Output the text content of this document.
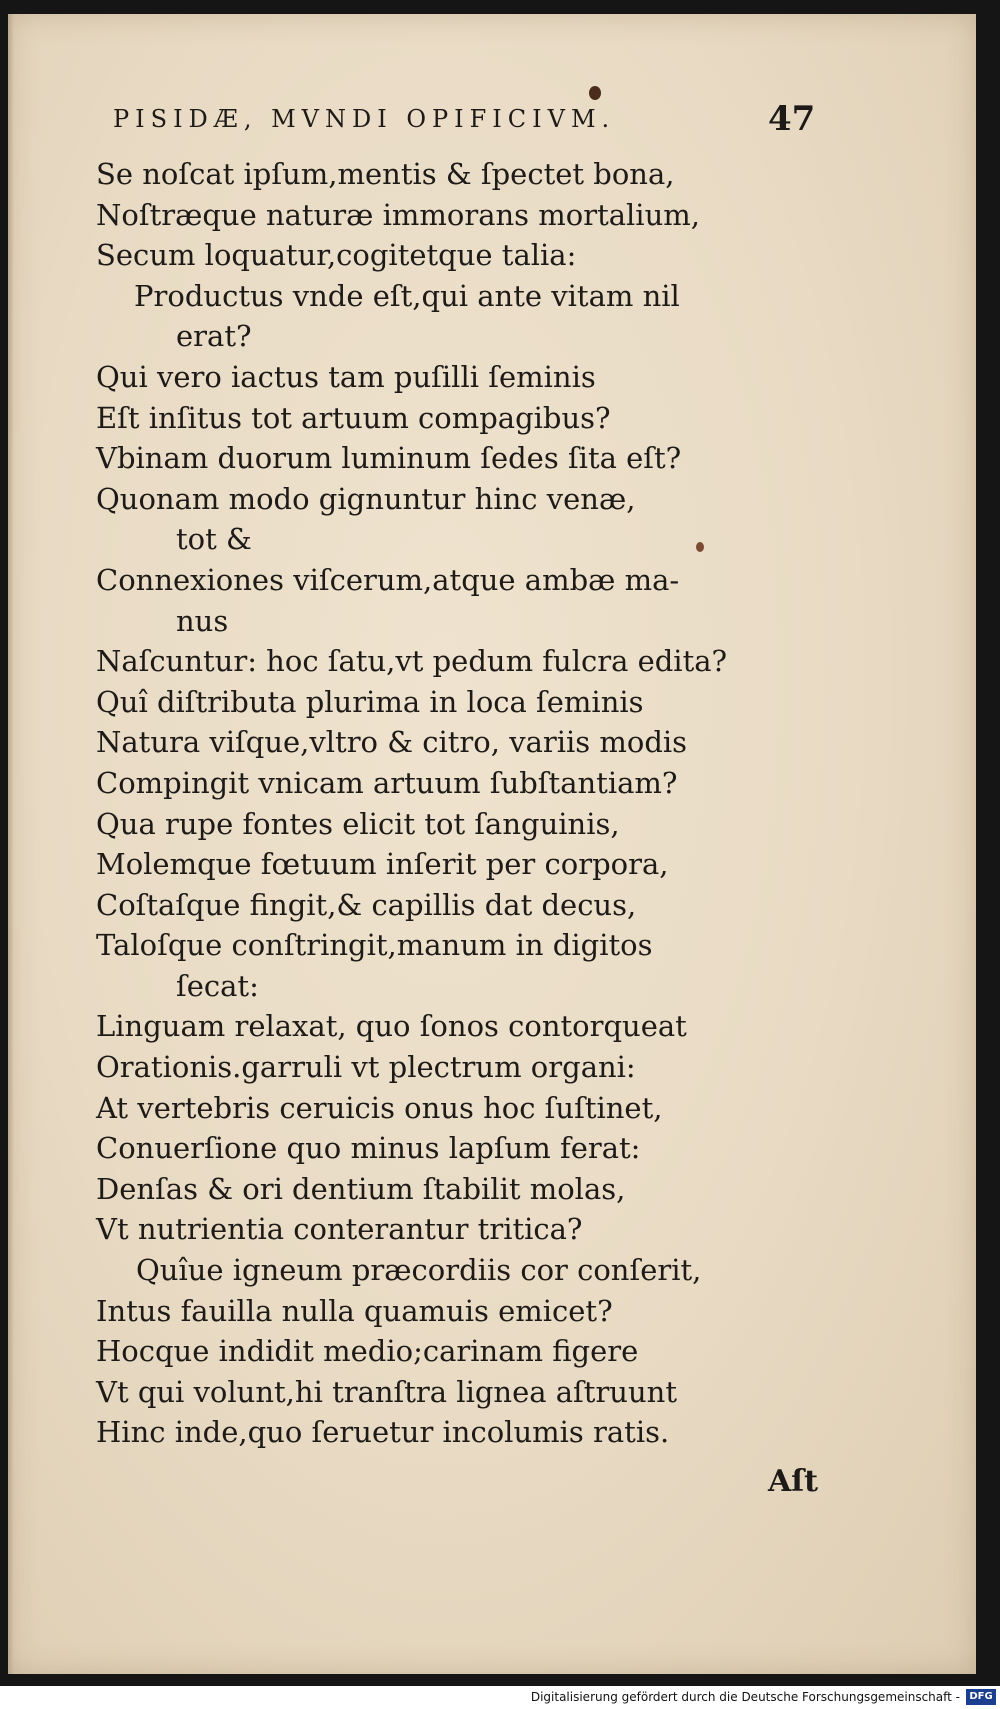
PISIDÆ, MVNDI OPIFICIVM.	47
Se noſcat ipſum,mentis & ſpectet bona,
Noſtræque naturæ immorans mortalium,
Secum loquatur,cogitetque talia:
Productus vnde eſt,qui ante vitam nil
erat?
Qui vero iactus tam puſilli ſeminis
Eſt inſitus tot artuum compagibus?
Vbinam duorum luminum ſedes ſita eſt?
Quonam modo gignuntur hinc venæ,
tot &
Connexiones viſcerum,atque ambæ ma-
nus
Naſcuntur: hoc ſatu,vt pedum fulcra edita?
Quî diſtributa plurima in loca ſeminis
Natura viſque,vltro & citro, variis modis
Compingit vnicam artuum ſubſtantiam?
Qua rupe fontes elicit tot ſanguinis,
Molemque fœtuum inſerit per corpora,
Coſtaſque fingit,& capillis dat decus,
Taloſque conſtringit,manum in digitos
ſecat:
Linguam relaxat, quo ſonos contorqueat
Orationis.garruli vt plectrum organi:
At vertebris ceruicis onus hoc ſuſtinet,
Conuerſione quo minus lapſum ferat:
Denſas & ori dentium ſtabilit molas,
Vt nutrientia conterantur tritica?
Quîue igneum præcordiis cor conſerit,
Intus fauilla nulla quamuis emicet?
Hocque indidit medio;carinam figere
Vt qui volunt,hi tranſtra lignea aſtruunt
Hinc inde,quo ſeruetur incolumis ratis.
Aſt
Digitalisierung gefördert durch die Deutsche Forschungsgemeinschaft - DFG
